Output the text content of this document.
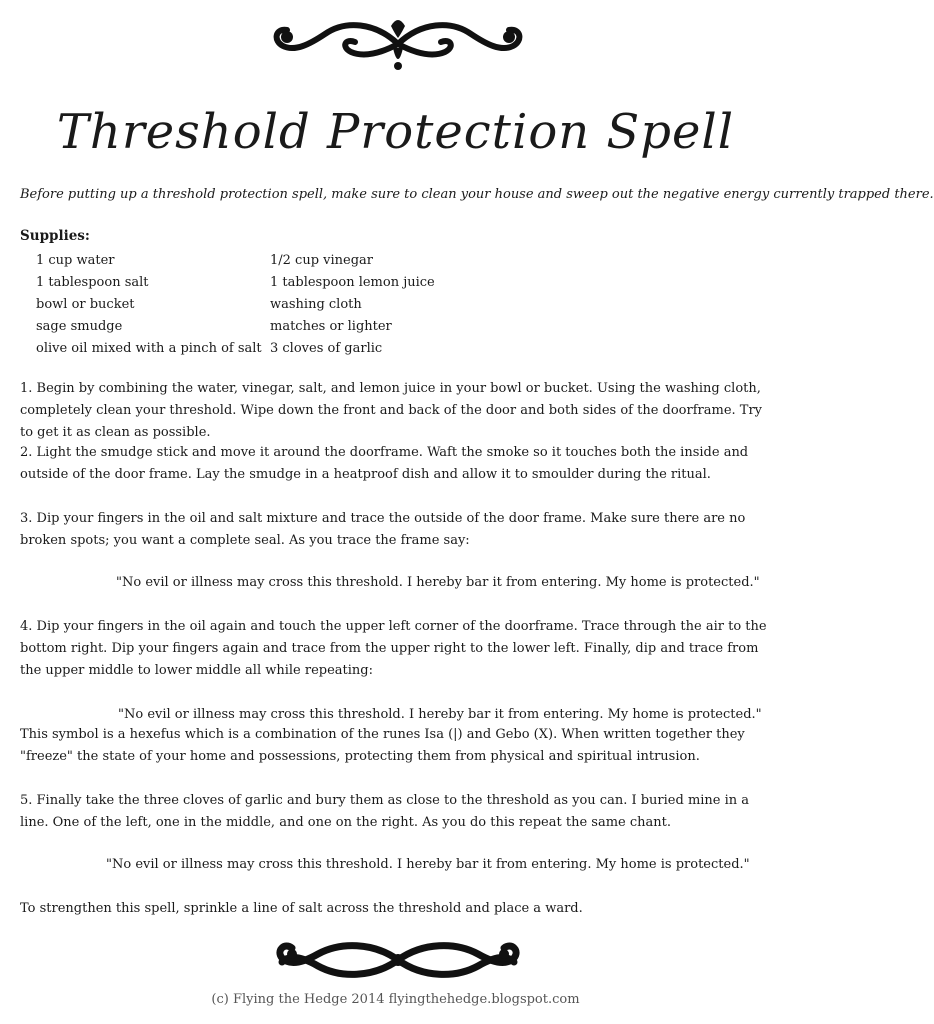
Threshold Protection Spell
Before putting up a threshold protection spell, make sure to clean your house and sweep out the negative energy currently trapped there.
Supplies:
1 cup water
1 tablespoon salt
bowl or bucket
sage smudge
olive oil mixed with a pinch of salt
1/2 cup vinegar
1 tablespoon lemon juice
washing cloth
matches or lighter
3 cloves of garlic
1. Begin by combining the water, vinegar, salt, and lemon juice in your bowl or bucket. Using the washing cloth, completely clean your threshold. Wipe down the front and back of the door and both sides of the doorframe. Try to get it as clean as possible.
2. Light the smudge stick and move it around the doorframe. Waft the smoke so it touches both the inside and outside of the door frame. Lay the smudge in a heatproof dish and allow it to smoulder during the ritual.
3. Dip your fingers in the oil and salt mixture and trace the outside of the door frame. Make sure there are no broken spots; you want a complete seal. As you trace the frame say:
"No evil or illness may cross this threshold. I hereby bar it from entering. My home is protected."
4. Dip your fingers in the oil again and touch the upper left corner of the doorframe. Trace through the air to the bottom right. Dip your fingers again and trace from the upper right to the lower left. Finally, dip and trace from the upper middle to lower middle all while repeating:
"No evil or illness may cross this threshold. I hereby bar it from entering. My home is protected."
This symbol is a hexefus which is a combination of the runes Isa (|) and Gebo (X). When written together they "freeze" the state of your home and possessions, protecting them from physical and spiritual intrusion.
5. Finally take the three cloves of garlic and bury them as close to the threshold as you can. I buried mine in a line. One of the left, one in the middle, and one on the right. As you do this repeat the same chant.
"No evil or illness may cross this threshold. I hereby bar it from entering. My home is protected."
To strengthen this spell, sprinkle a line of salt across the threshold and place a ward.
(c) Flying the Hedge 2014 flyingthehedge.blogspot.com
